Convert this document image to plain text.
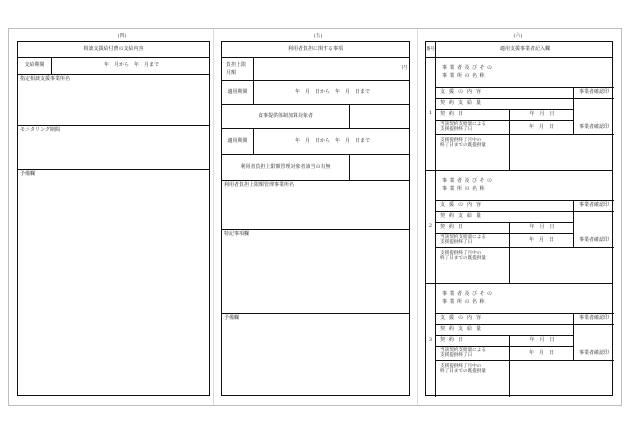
(四)	(五)	(六)
相談支援給付費の支給内容
支給期間	年　月から　年　月まで
指定相談支援事業所名
モニタリング期間
予備欄
利用者負担に関する事項
負担上限
月額
円
適用期間	年　月　日から　年　月　日まで
食事提供体制加算対象者
適用期間	年　月　日から　年　月　日まで
利用者負担上限額管理対象者該当の有無
利用者負担上限額管理事業所名
特記事項欄
予備欄
番号	適用支援事業者記入欄
1
事業者及びその
事業所の名称
支援の内容	事業者確認印
契約支給量
契約日	年　月　日
当該契約支給量による
支援提供終了日
年　月　日	事業者確認印
支援提供終了月中の
終了日までの既提供量
2
事業者及びその
事業所の名称
支援の内容	事業者確認印
契約支給量
契約日	年　月　日
当該契約支給量による
支援提供終了日
年　月　日	事業者確認印
支援提供終了月中の
終了日までの既提供量
3
事業者及びその
事業所の名称
支援の内容	事業者確認印
契約支給量
契約日	年　月　日
当該契約支給量による
支援提供終了日
年　月　日	事業者確認印
支援提供終了月中の
終了日までの既提供量
